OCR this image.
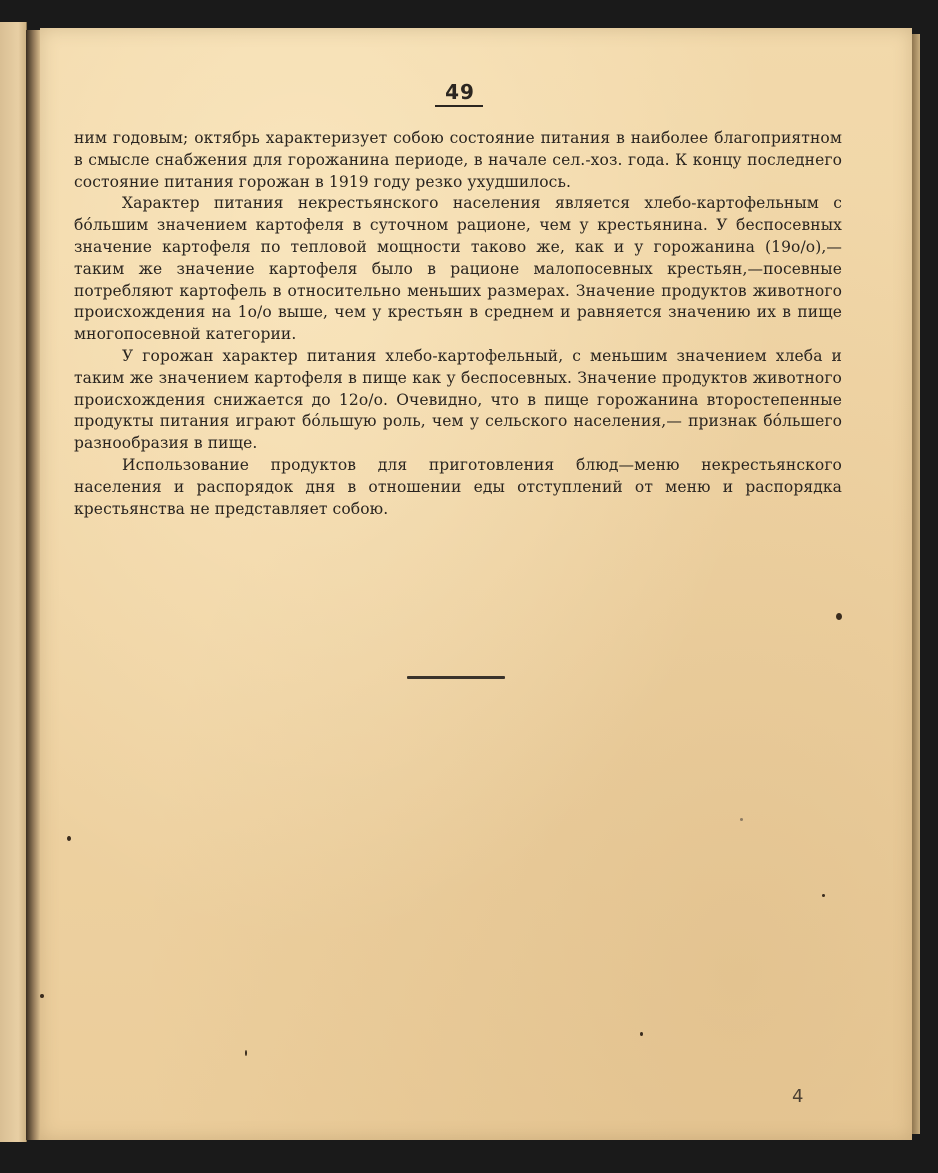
49

ним годовым; октябрь характеризует собою состояние питания в наиболее благоприятном в смысле снабжения для горожанина периоде, в начале сел.-хоз. года. К концу последнего состояние питания горожан в 1919 году резко ухудшилось.

Характер питания некрестьянского населения является хлебо-картофельным с бо́льшим значением картофеля в суточном рационе, чем у крестьянина. У беспосевных значение картофеля по тепловой мощности таково же, как и у горожанина (19о/о),— таким же значение картофеля было в рационе малопосевных крестьян,—посевные потребляют картофель в относительно меньших размерах. Значение продуктов животного происхождения на 1о/о выше, чем у крестьян в среднем и равняется значению их в пище многопосевной категории.

У горожан характер питания хлебо-картофельный, с меньшим значением хлеба и таким же значением картофеля в пище как у беспосевных. Значение продуктов животного происхождения снижается до 12о/о. Очевидно, что в пище горожанина второстепенные продукты питания играют бо́льшую роль, чем у сельского населения,— признак бо́льшего разнообразия в пище.

Использование продуктов для приготовления блюд—меню некрестьянского населения и распорядок дня в отношении еды отступлений от меню и распорядка крестьянства не представляет собою.

4
